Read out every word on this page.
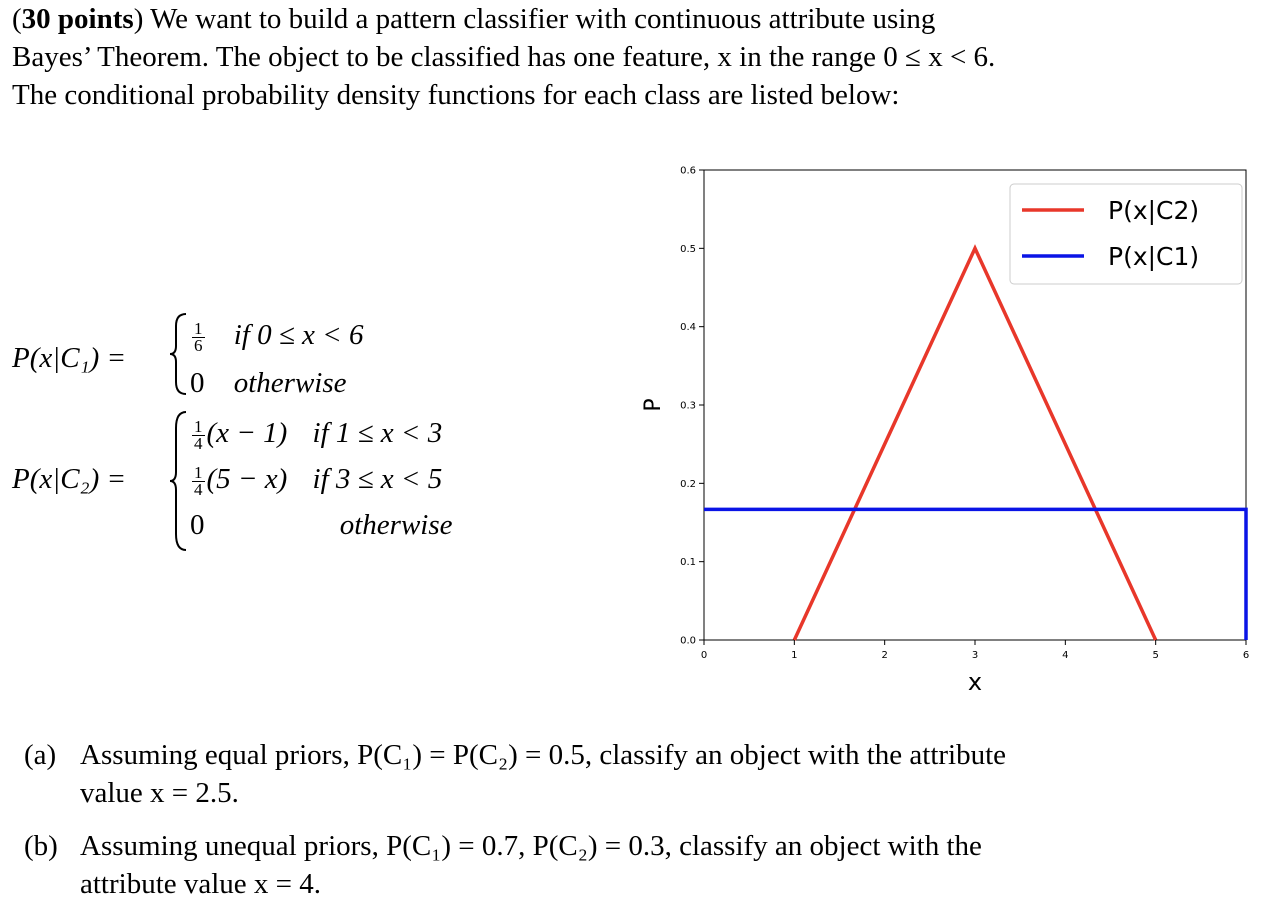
(30 points) We want to build a pattern classifier with continuous attribute using
Bayes’ Theorem. The object to be classified has one feature, x in the range 0 ≤ x < 6.
The conditional probability density functions for each class are listed below:
P(x|C₁) =
$\frac{1}{6}$ if 0 ≤ x < 6
0 otherwise
P(x|C₂) =
$\frac{1}{4} (x - 1)$ if 1 ≤ x < 3
$\frac{1}{4} (5 - x)$ if 3 ≤ x < 5
0	otherwise
0	1	2	3	4	5	6
0.0
0.1
0.2
0.3
0.4
0.5
0.6
x
P
P(x|C2)
P(x|C1)
(a) Assuming equal priors, P(C₁) = P(C₂) = 0.5, classify an object with the attribute
value x = 2.5.
(b) Assuming unequal priors, P(C₁) = 0.7, P(C₂) = 0.3, classify an object with the
attribute value x = 4.
